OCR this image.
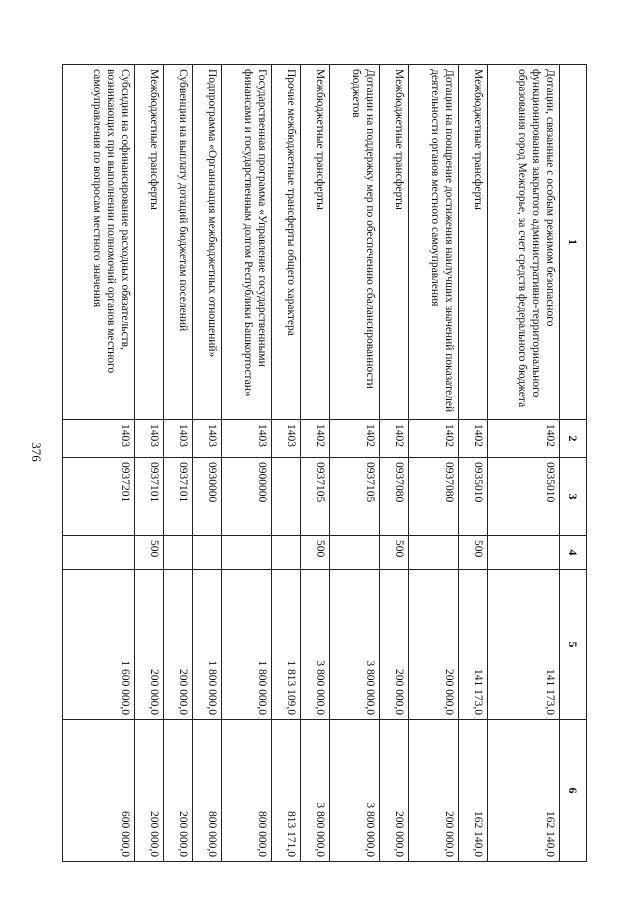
376
1	2	3	4	5	6
Дотации, связанные с особым режимом безопасного функционирования закрытого административно-территориального образования город Межгорье, за счет средств федерального бюджета	1402	0935010		141 173,0	162 140,0
Межбюджетные трансферты	1402	0935010	500	141 173,0	162 140,0
Дотации на поощрение достижения наилучших значений показателей деятельности органов местного самоуправления	1402	0937080		200 000,0	200 000,0
Межбюджетные трансферты	1402	0937080	500	200 000,0	200 000,0
Дотации на поддержку мер по обеспечению сбалансированности бюджетов	1402	0937105		3 800 000,0	3 800 000,0
Межбюджетные трансферты	1402	0937105	500	3 800 000,0	3 800 000,0
Прочие межбюджетные трансферты общего характера	1403			1 813 109,0	813 171,0
Государственная программа «Управление государственными финансами и государственным долгом Республики Башкортостан»	1403	0900000		1 800 000,0	800 000,0
Подпрограмма «Организация межбюджетных отношений»	1403	0930000		1 800 000,0	800 000,0
Субвенции на выплату дотаций бюджетам поселений	1403	0937101		200 000,0	200 000,0
Межбюджетные трансферты	1403	0937101	500	200 000,0	200 000,0
Субсидии на софинансирование расходных обязательств, возникающих при выполнении полномочий органов местного самоуправления по вопросам местного значения	1403	0937201		1 600 000,0	600 000,0
